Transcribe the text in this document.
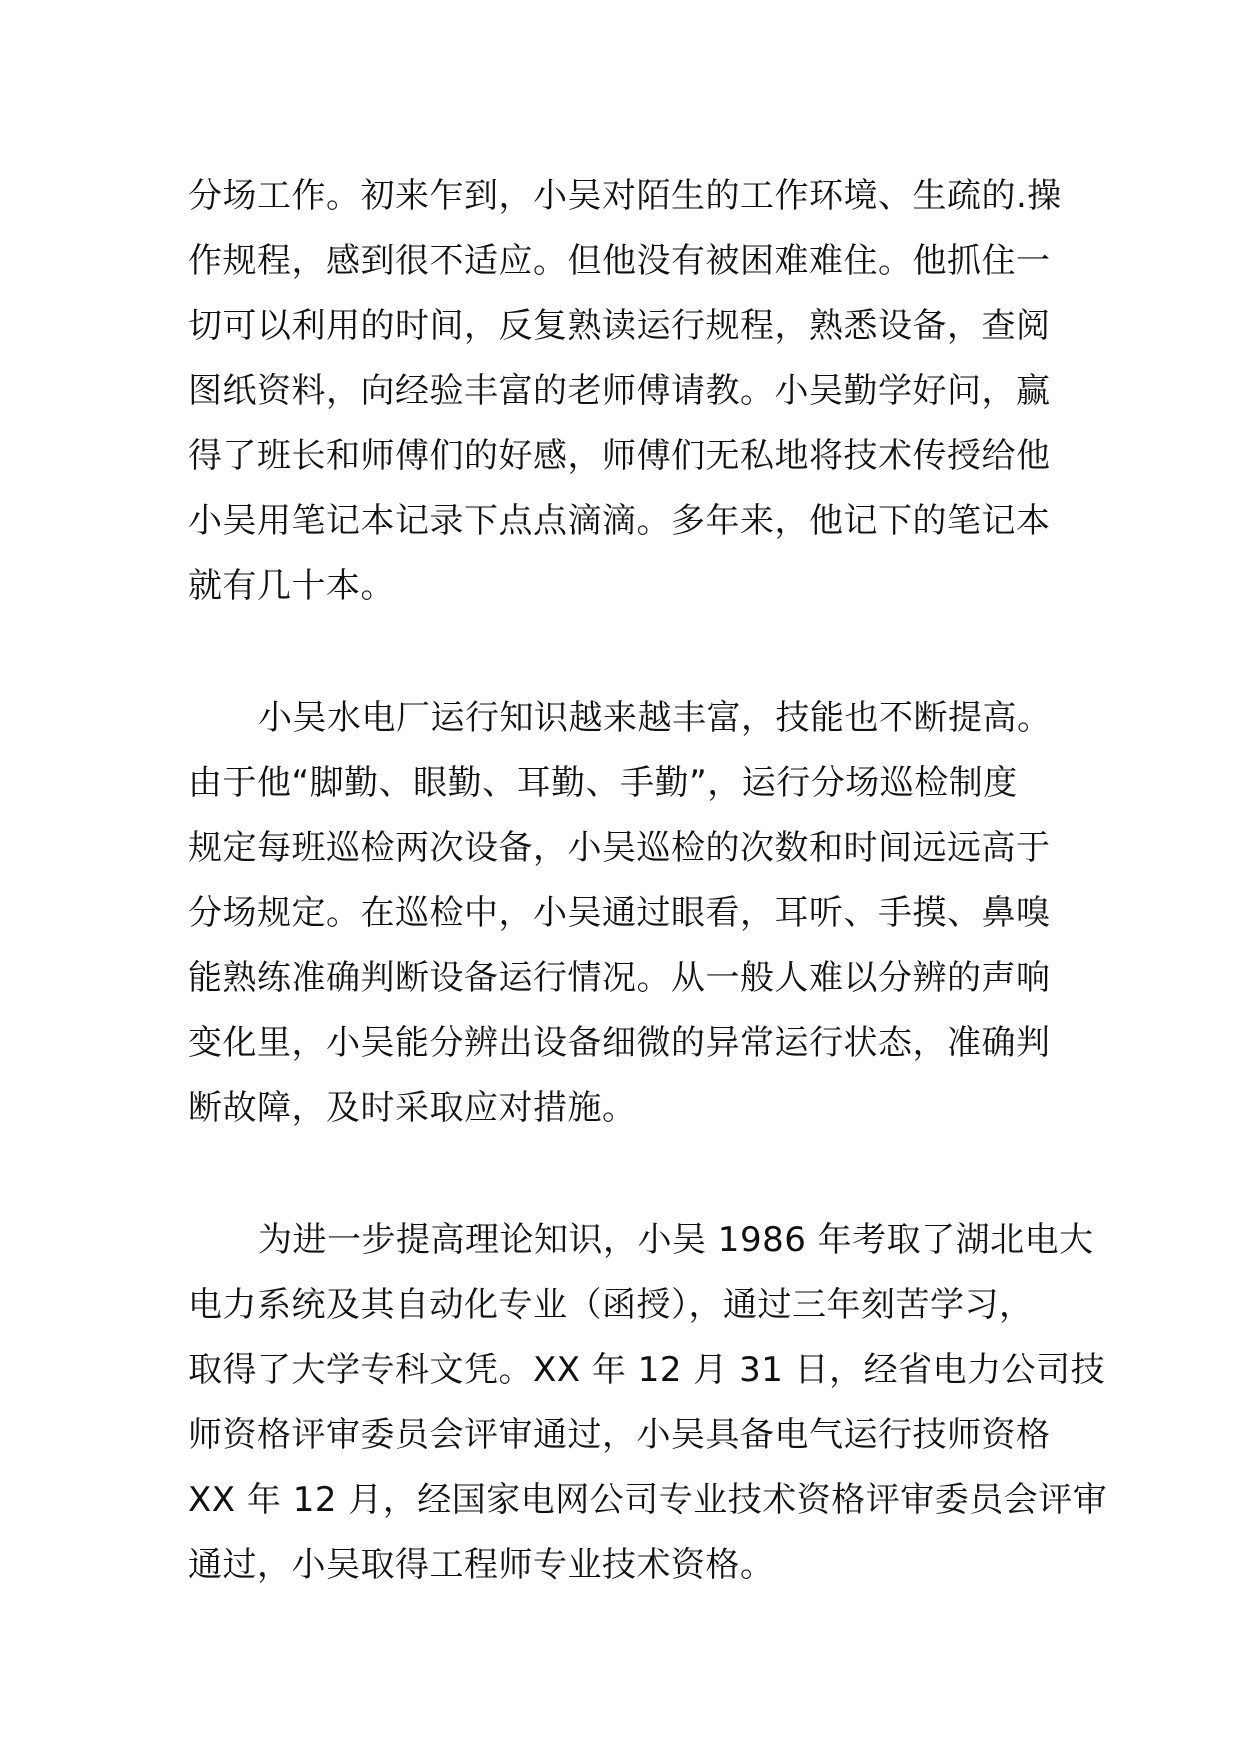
分场工作。初来乍到，小吴对陌生的工作环境、生疏的.操
作规程，感到很不适应。但他没有被困难难住。他抓住一
切可以利用的时间，反复熟读运行规程，熟悉设备，查阅
图纸资料，向经验丰富的老师傅请教。小吴勤学好问，赢
得了班长和师傅们的好感，师傅们无私地将技术传授给他
小吴用笔记本记录下点点滴滴。多年来，他记下的笔记本
就有几十本。
小吴水电厂运行知识越来越丰富，技能也不断提高。
由于他“脚勤、眼勤、耳勤、手勤”，运行分场巡检制度
规定每班巡检两次设备，小吴巡检的次数和时间远远高于
分场规定。在巡检中，小吴通过眼看，耳听、手摸、鼻嗅
能熟练准确判断设备运行情况。从一般人难以分辨的声响
变化里，小吴能分辨出设备细微的异常运行状态，准确判
断故障，及时采取应对措施。
为进一步提高理论知识，小吴 1986 年考取了湖北电大
电力系统及其自动化专业（函授），通过三年刻苦学习，
取得了大学专科文凭。XX 年 12 月 31 日，经省电力公司技
师资格评审委员会评审通过，小吴具备电气运行技师资格
XX 年 12 月，经国家电网公司专业技术资格评审委员会评审
通过，小吴取得工程师专业技术资格。
